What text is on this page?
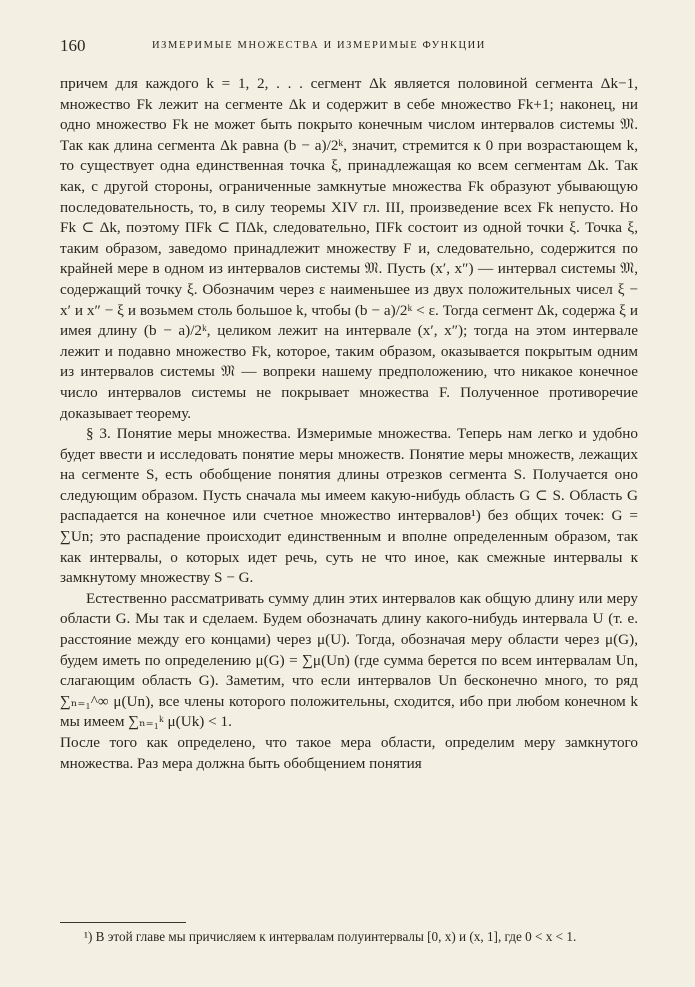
160	ИЗМЕРИМЫЕ МНОЖЕСТВА И ИЗМЕРИМЫЕ ФУНКЦИИ

причем для каждого k = 1, 2, . . . сегмент Δk является половиной сегмента Δk−1, множество Fk лежит на сегменте Δk и содержит в себе множество Fk+1; наконец, ни одно множество Fk не может быть покрыто конечным числом интервалов системы 𝔐. Так как длина сегмента Δk равна (b − a)/2ᵏ, значит, стремится к 0 при возрастающем k, то существует одна единственная точка ξ, принадлежащая ко всем сегментам Δk. Так как, с другой стороны, ограниченные замкнутые множества Fk образуют убывающую последовательность, то, в силу теоремы XIV гл. III, произведение всех Fk непусто. Но Fk ⊂ Δk, поэтому ΠFk ⊂ ΠΔk, следовательно, ΠFk состоит из одной точки ξ. Точка ξ, таким образом, заведомо принадлежит множеству F и, следовательно, содержится по крайней мере в одном из интервалов системы 𝔐. Пусть (x′, x″) — интервал системы 𝔐, содержащий точку ξ. Обозначим через ε наименьшее из двух положительных чисел ξ − x′ и x″ − ξ и возьмем столь большое k, чтобы (b − a)/2ᵏ < ε. Тогда сегмент Δk, содержа ξ и имея длину (b − a)/2ᵏ, целиком лежит на интервале (x′, x″); тогда на этом интервале лежит и подавно множество Fk, которое, таким образом, оказывается покрытым одним из интервалов системы 𝔐 — вопреки нашему предположению, что никакое конечное число интервалов системы не покрывает множества F. Полученное противоречие доказывает теорему.

§ 3. Понятие меры множества. Измеримые множества. Теперь нам легко и удобно будет ввести и исследовать понятие меры множеств. Понятие меры множеств, лежащих на сегменте S, есть обобщение понятия длины отрезков сегмента S. Получается оно следующим образом. Пусть сначала мы имеем какую-нибудь область G ⊂ S. Область G распадается на конечное или счетное множество интервалов¹) без общих точек: G = ∑Un; это распадение происходит единственным и вполне определенным образом, так как интервалы, о которых идет речь, суть не что иное, как смежные интервалы к замкнутому множеству S − G.

Естественно рассматривать сумму длин этих интервалов как общую длину или меру области G. Мы так и сделаем. Будем обозначать длину какого-нибудь интервала U (т. е. расстояние между его концами) через μ(U). Тогда, обозначая меру области через μ(G), будем иметь по определению μ(G) = ∑μ(Un) (где сумма берется по всем интервалам Un, слагающим область G). Заметим, что если интервалов Un бесконечно много, то ряд ∑ₙ₌₁^∞ μ(Un), все члены которого положительны, сходится, ибо при любом конечном k мы имеем ∑ₙ₌₁ᵏ μ(Uk) < 1.

После того как определено, что такое мера области, определим меру замкнутого множества. Раз мера должна быть обобщением понятия

¹) В этой главе мы причисляем к интервалам полуинтервалы [0, x) и (x, 1], где 0 < x < 1.
